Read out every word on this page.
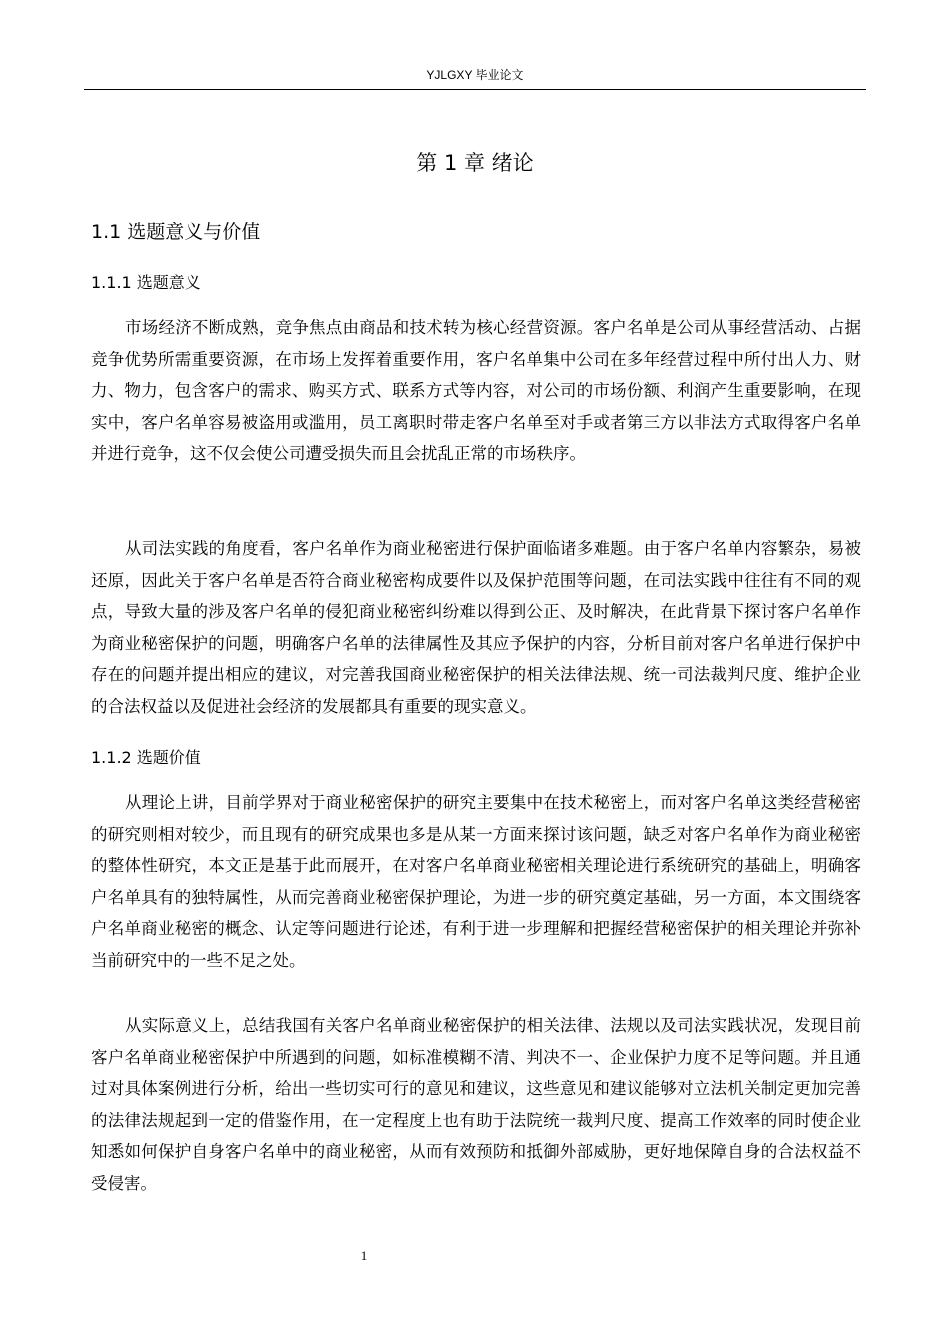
YJLGXY 毕业论文
第 1 章 绪论
1.1 选题意义与价值
1.1.1 选题意义

市场经济不断成熟，竞争焦点由商品和技术转为核心经营资源。客户名单是公司从事经营活动、占据竞争优势所需重要资源，在市场上发挥着重要作用，客户名单集中公司在多年经营过程中所付出人力、财力、物力，包含客户的需求、购买方式、联系方式等内容，对公司的市场份额、利润产生重要影响，在现实中，客户名单容易被盗用或滥用，员工离职时带走客户名单至对手或者第三方以非法方式取得客户名单并进行竞争，这不仅会使公司遭受损失而且会扰乱正常的市场秩序。

从司法实践的角度看，客户名单作为商业秘密进行保护面临诸多难题。由于客户名单内容繁杂，易被还原，因此关于客户名单是否符合商业秘密构成要件以及保护范围等问题，在司法实践中往往有不同的观点，导致大量的涉及客户名单的侵犯商业秘密纠纷难以得到公正、及时解决，在此背景下探讨客户名单作为商业秘密保护的问题，明确客户名单的法律属性及其应予保护的内容，分析目前对客户名单进行保护中存在的问题并提出相应的建议，对完善我国商业秘密保护的相关法律法规、统一司法裁判尺度、维护企业的合法权益以及促进社会经济的发展都具有重要的现实意义。

1.1.2 选题价值

从理论上讲，目前学界对于商业秘密保护的研究主要集中在技术秘密上，而对客户名单这类经营秘密的研究则相对较少，而且现有的研究成果也多是从某一方面来探讨该问题，缺乏对客户名单作为商业秘密的整体性研究，本文正是基于此而展开，在对客户名单商业秘密相关理论进行系统研究的基础上，明确客户名单具有的独特属性，从而完善商业秘密保护理论，为进一步的研究奠定基础，另一方面，本文围绕客户名单商业秘密的概念、认定等问题进行论述，有利于进一步理解和把握经营秘密保护的相关理论并弥补当前研究中的一些不足之处。

从实际意义上，总结我国有关客户名单商业秘密保护的相关法律、法规以及司法实践状况，发现目前客户名单商业秘密保护中所遇到的问题，如标准模糊不清、判决不一、企业保护力度不足等问题。并且通过对具体案例进行分析，给出一些切实可行的意见和建议，这些意见和建议能够对立法机关制定更加完善的法律法规起到一定的借鉴作用，在一定程度上也有助于法院统一裁判尺度、提高工作效率的同时使企业知悉如何保护自身客户名单中的商业秘密，从而有效预防和抵御外部威胁，更好地保障自身的合法权益不受侵害。

1
